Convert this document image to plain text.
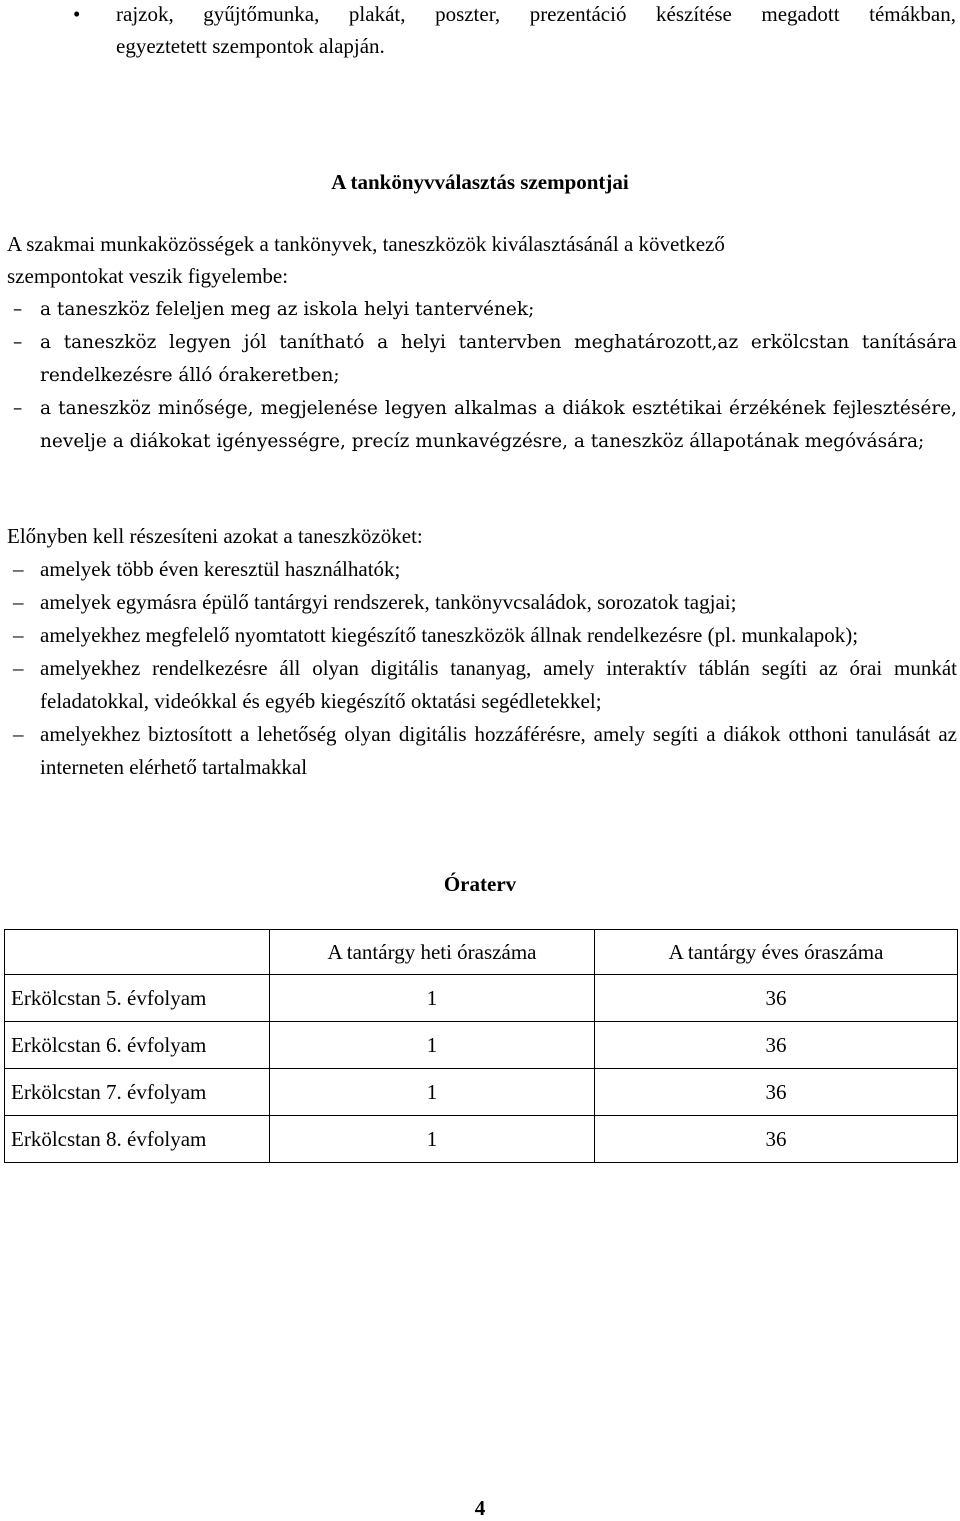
• rajzok, gyűjtőmunka, plakát, poszter, prezentáció készítése megadott témákban,
egyeztetett szempontok alapján.
A tankönyvválasztás szempontjai

A szakmai munkaközösségek a tankönyvek, taneszközök kiválasztásánál a következő

szempontokat veszik figyelembe:

– a taneszköz feleljen meg az iskola helyi tantervének;
– a taneszköz legyen jól tanítható a helyi tantervben meghatározott,az erkölcstan tanítására rendelkezésre álló órakeretben;
– a taneszköz minősége, megjelenése legyen alkalmas a diákok esztétikai érzékének fejlesztésére, nevelje a diákokat igényességre, precíz munkavégzésre, a taneszköz állapotának megóvására;
Előnyben kell részesíteni azokat a taneszközöket:
– amelyek több éven keresztül használhatók;
– amelyek egymásra épülő tantárgyi rendszerek, tankönyvcsaládok, sorozatok tagjai;
– amelyekhez megfelelő nyomtatott kiegészítő taneszközök állnak rendelkezésre (pl. munkalapok);
– amelyekhez rendelkezésre áll olyan digitális tananyag, amely interaktív táblán segíti az órai munkát feladatokkal, videókkal és egyéb kiegészítő oktatási segédletekkel;
– amelyekhez biztosított a lehetőség olyan digitális hozzáférésre, amely segíti a diákok otthoni tanulását az interneten elérhető tartalmakkal
Óraterv
	A tantárgy heti óraszáma	A tantárgy éves óraszáma
Erkölcstan 5. évfolyam	1	36
Erkölcstan 6. évfolyam	1	36
Erkölcstan 7. évfolyam	1	36
Erkölcstan 8. évfolyam	1	36
4
